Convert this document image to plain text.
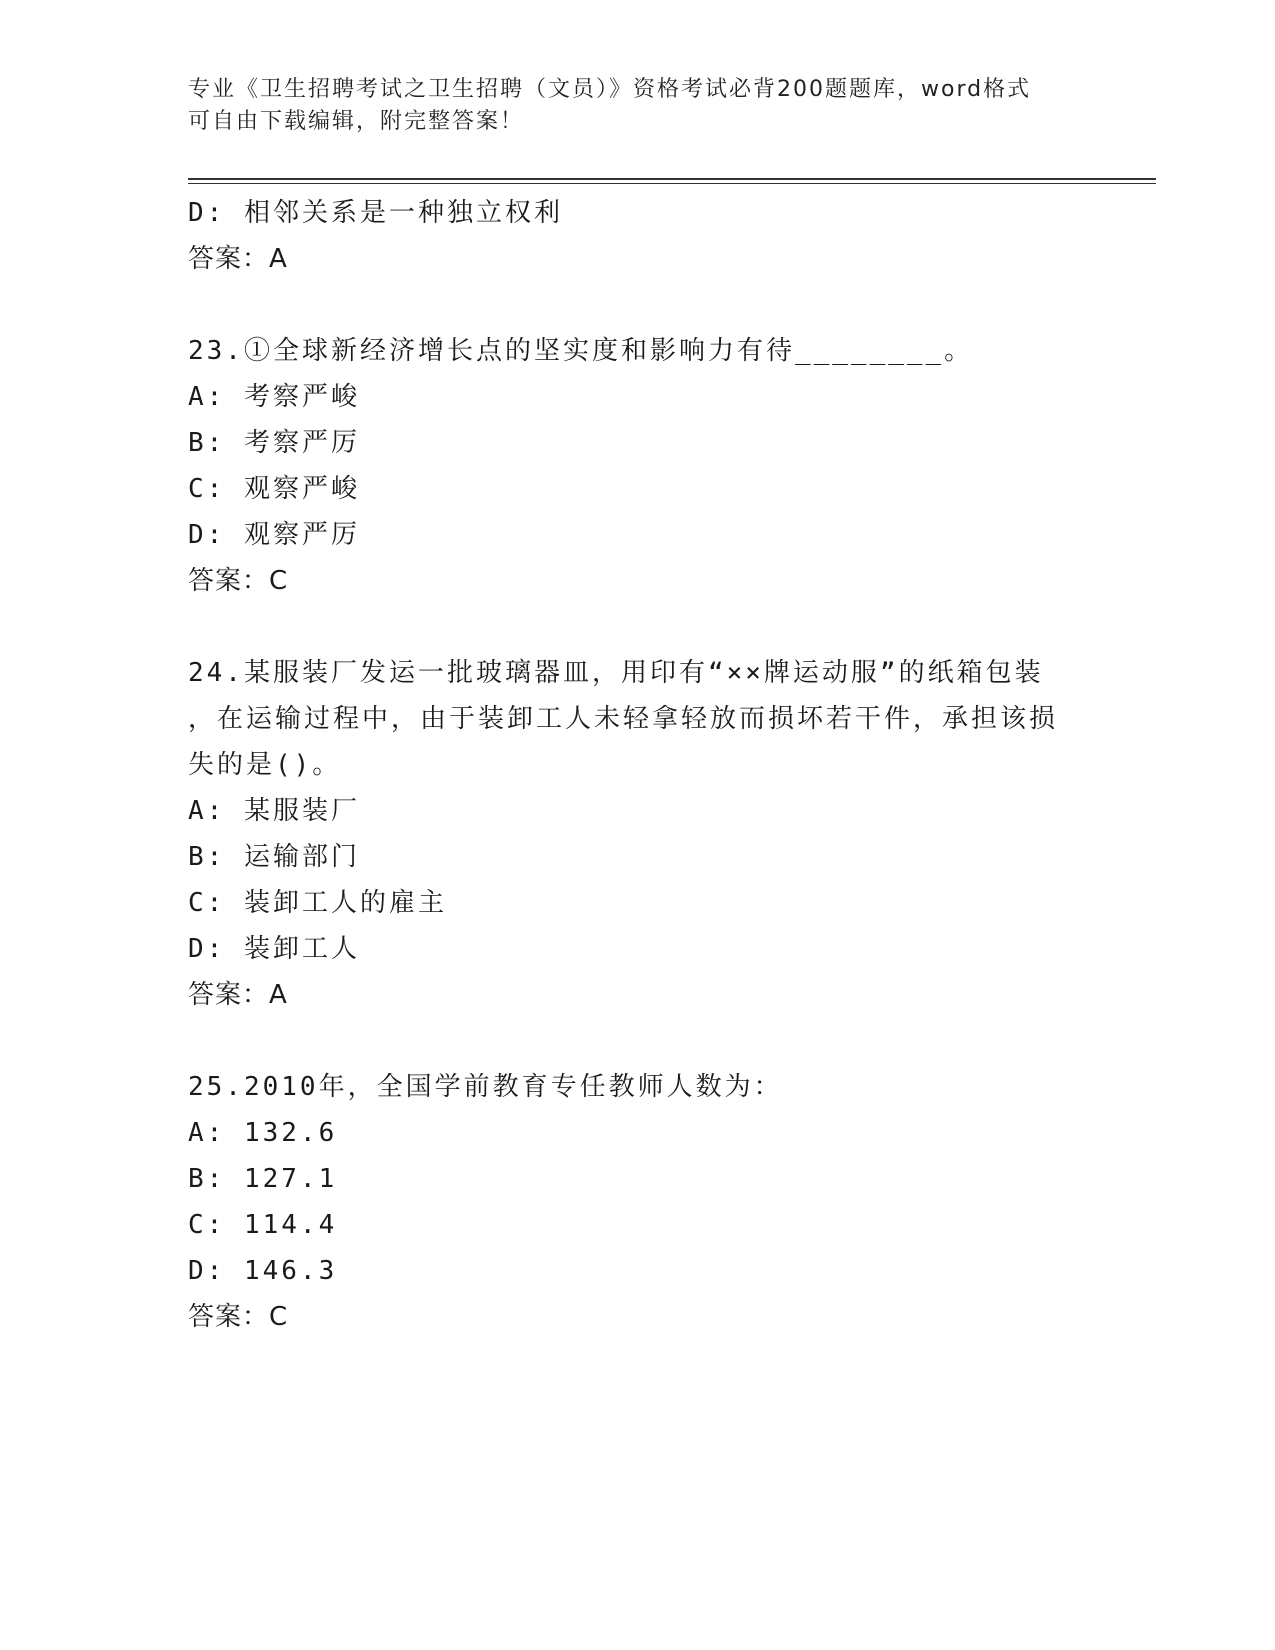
专业《卫生招聘考试之卫生招聘（文员）》资格考试必背200题题库，word格式
可自由下载编辑，附完整答案！
D: 相邻关系是一种独立权利
答案：A
23.①全球新经济增长点的坚实度和影响力有待________。
A: 考察严峻
B: 考察严厉
C: 观察严峻
D: 观察严厉
答案：C
24.某服装厂发运一批玻璃器皿，用印有“××牌运动服”的纸箱包装
，在运输过程中，由于装卸工人未轻拿轻放而损坏若干件，承担该损
失的是()。
A: 某服装厂
B: 运输部门
C: 装卸工人的雇主
D: 装卸工人
答案：A
25.2010年，全国学前教育专任教师人数为：
A: 132.6
B: 127.1
C: 114.4
D: 146.3
答案：C
